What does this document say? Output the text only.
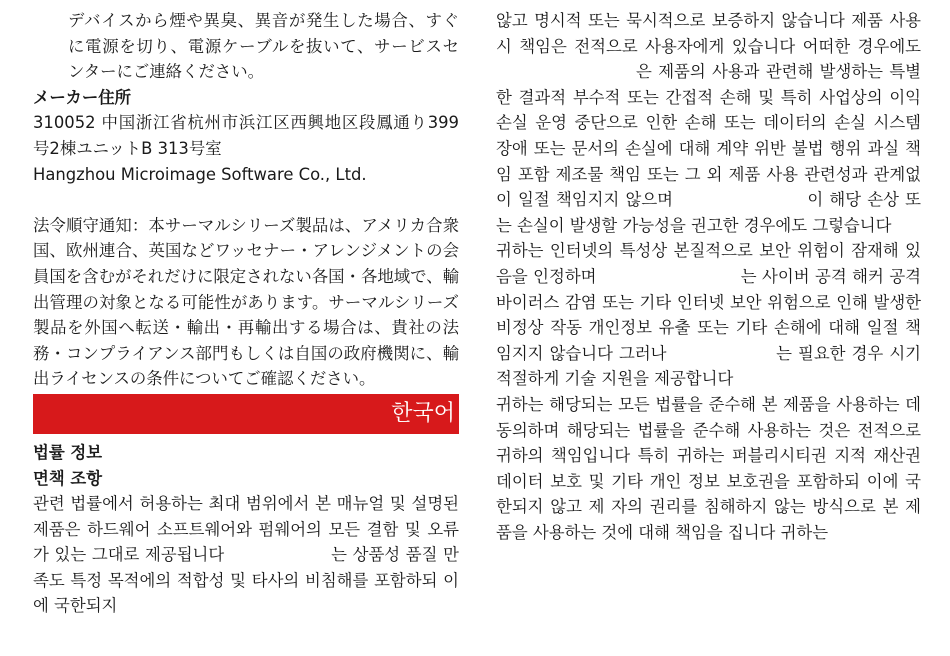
デバイスから煙や異臭、異音が発生した場合、すぐに電源を切り、電源ケーブルを抜いて、サービスセンターにご連絡ください。

メーカー住所

310052 中国浙江省杭州市浜江区西興地区段鳳通り399号2棟ユニットB 313号室

Hangzhou Microimage Software Co., Ltd.

法令順守通知：本サーマルシリーズ製品は、アメリカ合衆国、欧州連合、英国などワッセナー・アレンジメントの会員国を含むがそれだけに限定されない各国・各地域で、輸出管理の対象となる可能性があります。サーマルシリーズ製品を外国へ転送・輸出・再輸出する場合は、貴社の法務・コンプライアンス部門もしくは自国の政府機関に、輸出ライセンスの条件についてご確認ください。

한국어

법률 정보

면책 조항

관련 법률에서 허용하는 최대 범위에서 본 매뉴얼 및 설명된 제품은 하드웨어 소프트웨어와 펌웨어의 모든 결함 및 오류가 있는 그대로 제공됩니다 　　　　　　는 상품성 품질 만족도 특정 목적에의 적합성 및 타사의 비침해를 포함하되 이에 국한되지

않고 명시적 또는 묵시적으로 보증하지 않습니다 제품 사용 시 책임은 전적으로 사용자에게 있습니다 어떠한 경우에도 　　　　　　　　은 제품의 사용과 관련해 발생하는 특별한 결과적 부수적 또는 간접적 손해 및 특히 사업상의 이익 손실 운영 중단으로 인한 손해 또는 데이터의 손실 시스템 장애 또는 문서의 손실에 대해 계약 위반 불법 행위 과실 책임 포함 제조물 책임 또는 그 외 제품 사용 관련성과 관계없이 일절 책임지지 않으며 　　　　　　　 이 해당 손상 또는 손실이 발생할 가능성을 권고한 경우에도 그렇습니다

귀하는 인터넷의 특성상 본질적으로 보안 위험이 잠재해 있음을 인정하며 　　　　　　　　 는 사이버 공격 해커 공격 바이러스 감염 또는 기타 인터넷 보안 위험으로 인해 발생한 비정상 작동 개인정보 유출 또는 기타 손해에 대해 일절 책임지지 않습니다 그러나 　　　　　　는 필요한 경우 시기적절하게 기술 지원을 제공합니다

귀하는 해당되는 모든 법률을 준수해 본 제품을 사용하는 데 동의하며 해당되는 법률을 준수해 사용하는 것은 전적으로 귀하의 책임입니다 특히 귀하는 퍼블리시티권 지적 재산권 데이터 보호 및 기타 개인 정보 보호권을 포함하되 이에 국한되지 않고 제 자의 권리를 침해하지 않는 방식으로 본 제품을 사용하는 것에 대해 책임을 집니다 귀하는
